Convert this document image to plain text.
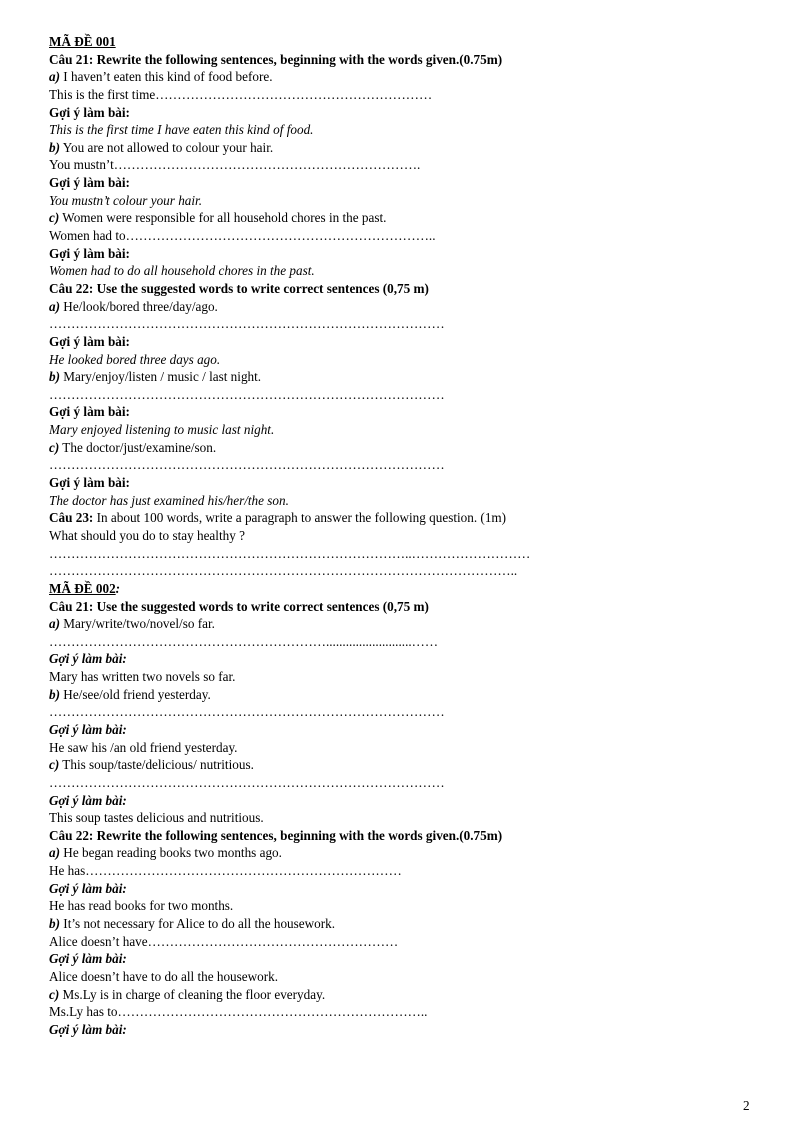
MÃ ĐỀ 001
Câu 21: Rewrite the following sentences, beginning with the words given.(0.75m)
a) I haven’t eaten this kind of food before.
This is the first time………………………………………………………
Gợi ý làm bài:
This is the first time I have eaten this kind of food.
b) You are not allowed to colour your hair.
You mustn’t…………………………………………………………….
Gợi ý làm bài:
You mustn’t colour your hair.
c) Women were responsible for all household chores in the past.
Women had to……………………………………………………………..
Gợi ý làm bài:
Women had to do all household chores in the past.
Câu 22: Use the suggested words to write correct sentences (0,75 m)
a) He/look/bored three/day/ago.
………………………………………………………………………………
Gợi ý làm bài:
He looked bored three days ago.
b) Mary/enjoy/listen / music / last night.
………………………………………………………………………………
Gợi ý làm bài:
Mary enjoyed listening to music last night.
c) The doctor/just/examine/son.
………………………………………………………………………………
Gợi ý làm bài:
The doctor has just examined his/her/the son.
Câu 23: In about 100 words, write a paragraph to answer the following question. (1m)
What should you do to stay healthy ?
………………………………………………………………………..………………………
……………………………………………………………………………………………..
MÃ ĐỀ 002:
Câu 21: Use the suggested words to write correct sentences (0,75 m)
a) Mary/write/two/novel/so far.
………………………………………………………..........................……
Gợi ý làm bài:
Mary has written two novels so far.
b) He/see/old friend yesterday.
………………………………………………………………………………
Gợi ý làm bài:
He saw his /an old friend yesterday.
c) This soup/taste/delicious/ nutritious.
………………………………………………………………………………
Gợi ý làm bài:
This soup tastes delicious and nutritious.
Câu 22: Rewrite the following sentences, beginning with the words given.(0.75m)
a) He began reading books two months ago.
He has………………………………………………………………
Gợi ý làm bài:
He has read books for two months.
b) It’s not necessary for Alice to do all the housework.
Alice doesn’t have…………………………………………………
Gợi ý làm bài:
Alice doesn’t have to do all the housework.
c) Ms.Ly is in charge of cleaning the floor everyday.
Ms.Ly has to……………………………………………………………..
Gợi ý làm bài:
2
